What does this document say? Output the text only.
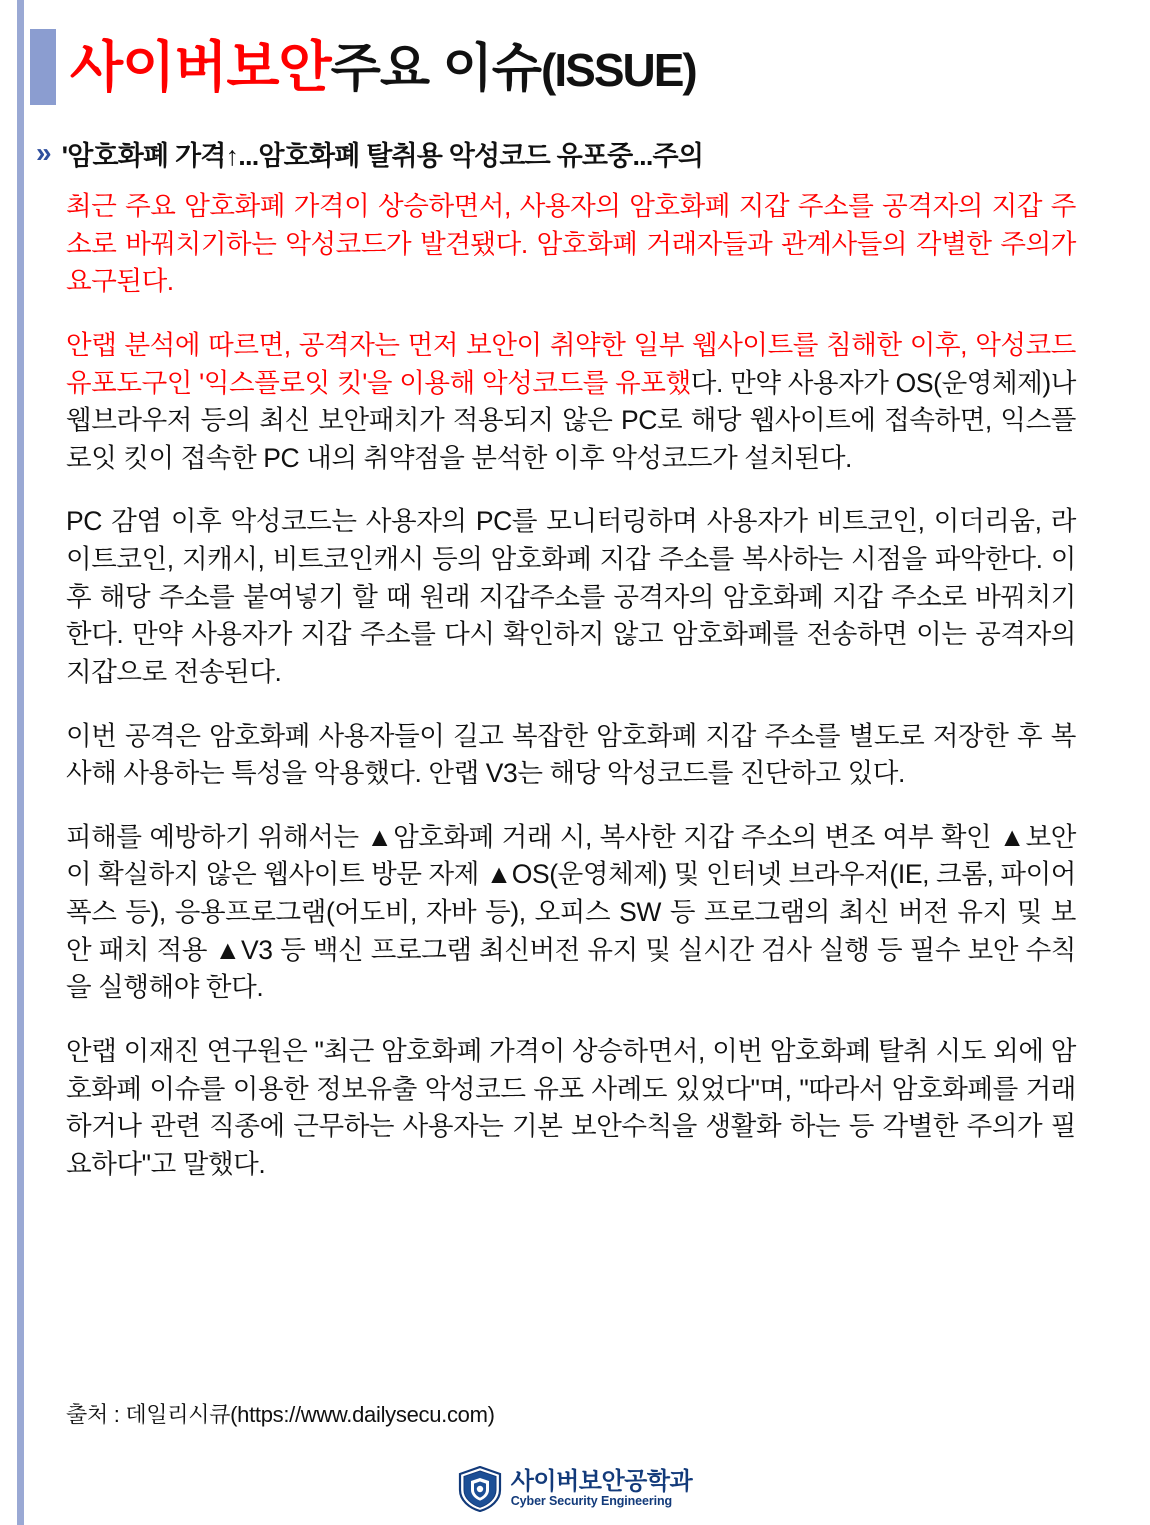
사이버보안 주요 이슈 (ISSUE)
» '암호화폐 가격↑...암호화폐 탈취용 악성코드 유포중...주의

최근 주요 암호화폐 가격이 상승하면서, 사용자의 암호화폐 지갑 주소를 공격자의 지갑 주소로 바꿔치기하는 악성코드가 발견됐다. 암호화폐 거래자들과 관계사들의 각별한 주의가 요구된다.

안랩 분석에 따르면, 공격자는 먼저 보안이 취약한 일부 웹사이트를 침해한 이후, 악성코드 유포도구인 '익스플로잇 킷'을 이용해 악성코드를 유포했다. 만약 사용자가 OS(운영체제)나 웹브라우저 등의 최신 보안패치가 적용되지 않은 PC로 해당 웹사이트에 접속하면, 익스플로잇 킷이 접속한 PC 내의 취약점을 분석한 이후 악성코드가 설치된다.

PC 감염 이후 악성코드는 사용자의 PC를 모니터링하며 사용자가 비트코인, 이더리움, 라이트코인, 지캐시, 비트코인캐시 등의 암호화폐 지갑 주소를 복사하는 시점을 파악한다. 이후 해당 주소를 붙여넣기 할 때 원래 지갑주소를 공격자의 암호화폐 지갑 주소로 바꿔치기한다. 만약 사용자가 지갑 주소를 다시 확인하지 않고 암호화폐를 전송하면 이는 공격자의 지갑으로 전송된다.

이번 공격은 암호화폐 사용자들이 길고 복잡한 암호화폐 지갑 주소를 별도로 저장한 후 복사해 사용하는 특성을 악용했다. 안랩 V3는 해당 악성코드를 진단하고 있다.

피해를 예방하기 위해서는 ▲암호화폐 거래 시, 복사한 지갑 주소의 변조 여부 확인 ▲보안이 확실하지 않은 웹사이트 방문 자제 ▲OS(운영체제) 및 인터넷 브라우저(IE, 크롬, 파이어폭스 등), 응용프로그램(어도비, 자바 등), 오피스 SW 등 프로그램의 최신 버전 유지 및 보안 패치 적용 ▲V3 등 백신 프로그램 최신버전 유지 및 실시간 검사 실행 등 필수 보안 수칙을 실행해야 한다.

안랩 이재진 연구원은 "최근 암호화폐 가격이 상승하면서, 이번 암호화폐 탈취 시도 외에 암호화폐 이슈를 이용한 정보유출 악성코드 유포 사례도 있었다"며, "따라서 암호화폐를 거래하거나 관련 직종에 근무하는 사용자는 기본 보안수칙을 생활화 하는 등 각별한 주의가 필요하다"고 말했다.

출처 : 데일리시큐(https://www.dailysecu.com)
사이버보안공학과
Cyber Security Engineering
